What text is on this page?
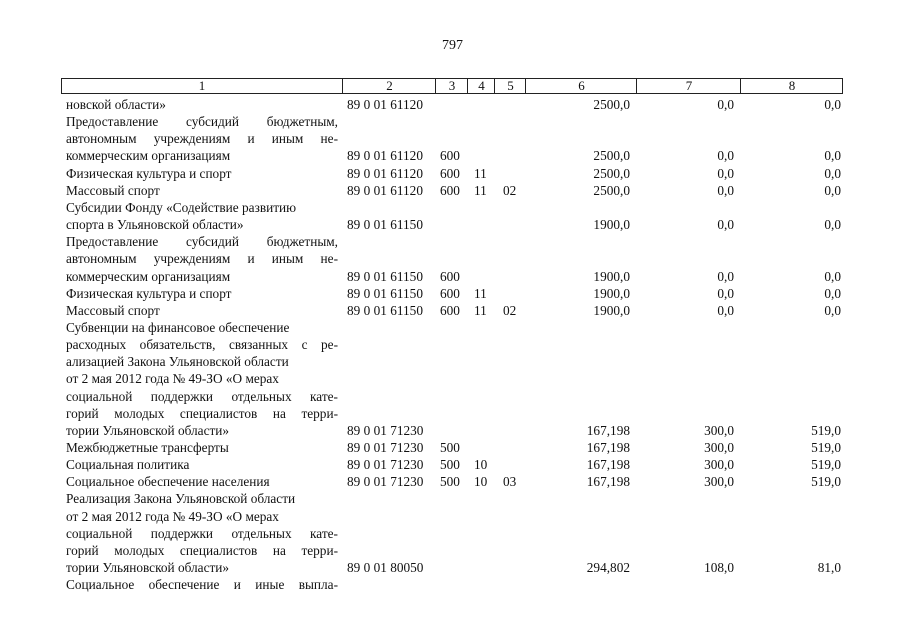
797
1	2	3	4	5	6	7	8
новской области»	89 0 01 61120	2500,0	0,0	0,0
Предоставление субсидий бюджетным,
автономным учреждениям и иным не-
коммерческим организациям	89 0 01 61120 600	2500,0	0,0	0,0
Физическая культура и спорт	89 0 01 61120 600 11	2500,0	0,0	0,0
Массовый спорт	89 0 01 61120 600 11 02	2500,0	0,0	0,0
Субсидии Фонду «Содействие развитию
спорта в Ульяновской области»	89 0 01 61150	1900,0	0,0	0,0
Предоставление субсидий бюджетным,
автономным учреждениям и иным не-
коммерческим организациям	89 0 01 61150 600	1900,0	0,0	0,0
Физическая культура и спорт	89 0 01 61150 600 11	1900,0	0,0	0,0
Массовый спорт	89 0 01 61150 600 11 02	1900,0	0,0	0,0
Субвенции на финансовое обеспечение
расходных обязательств, связанных с ре-
ализацией Закона Ульяновской области
от 2 мая 2012 года № 49-ЗО «О мерах
социальной поддержки отдельных кате-
горий молодых специалистов на терри-
тории Ульяновской области»	89 0 01 71230	167,198	300,0	519,0
Межбюджетные трансферты	89 0 01 71230 500	167,198	300,0	519,0
Социальная политика	89 0 01 71230 500 10	167,198	300,0	519,0
Социальное обеспечение населения	89 0 01 71230 500 10 03	167,198	300,0	519,0
Реализация Закона Ульяновской области
от 2 мая 2012 года № 49-ЗО «О мерах
социальной поддержки отдельных кате-
горий молодых специалистов на терри-
тории Ульяновской области»	89 0 01 80050	294,802	108,0	81,0
Социальное обеспечение и иные выпла-
